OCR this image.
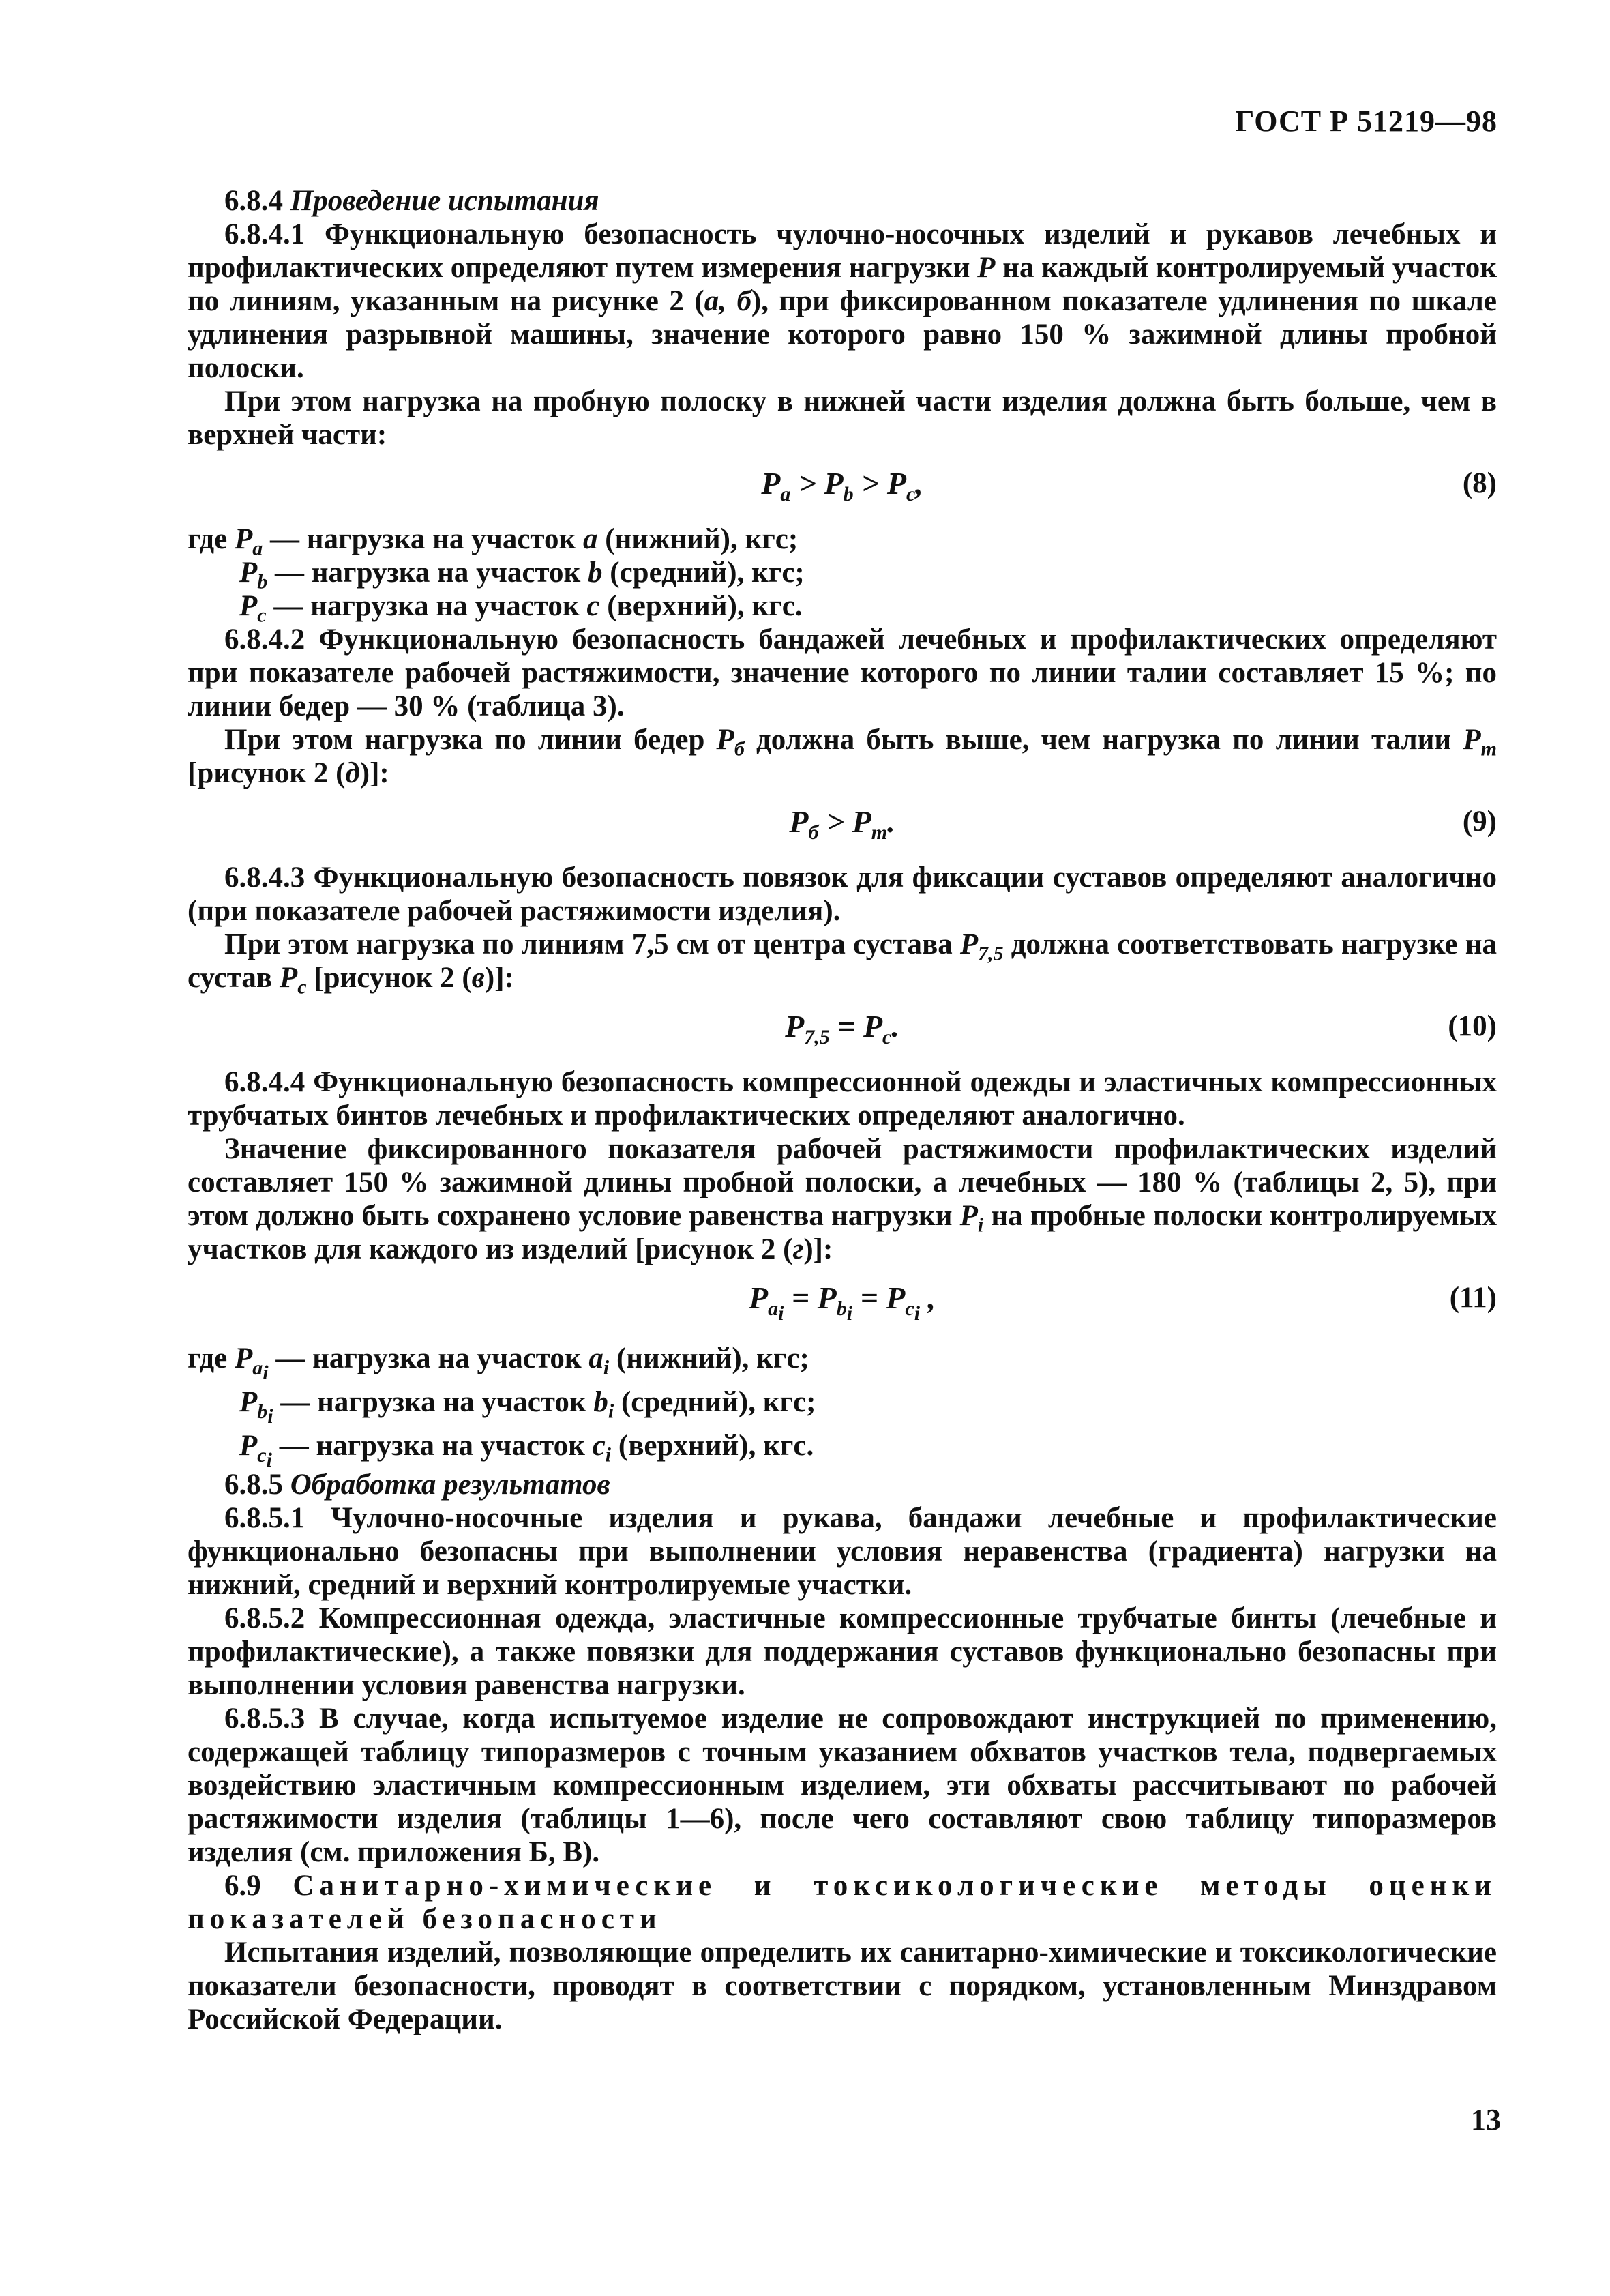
ГОСТ Р 51219—98

6.8.4 Проведение испытания

6.8.4.1 Функциональную безопасность чулочно-носочных изделий и рукавов лечебных и профилактических определяют путем измерения нагрузки P на каждый контролируемый участок по линиям, указанным на рисунке 2 (а, б), при фиксированном показателе удлинения по шкале удлинения разрывной машины, значение которого равно 150 % зажимной длины пробной полоски.

При этом нагрузка на пробную полоску в нижней части изделия должна быть больше, чем в верхней части:

$P_a > P_b > P_c$,	(8)
где $P_a$ — нагрузка на участок a (нижний), кгс;
$P_b$ — нагрузка на участок b (средний), кгс;
$P_c$ — нагрузка на участок c (верхний), кгс.

6.8.4.2 Функциональную безопасность бандажей лечебных и профилактических определяют при показателе рабочей растяжимости, значение которого по линии талии составляет 15 %; по линии бедер — 30 % (таблица 3).

При этом нагрузка по линии бедер $P_б$ должна быть выше, чем нагрузка по линии талии $P_т$ [рисунок 2 (д)]:

$P_б > P_т$.	(9)

6.8.4.3 Функциональную безопасность повязок для фиксации суставов определяют аналогично (при показателе рабочей растяжимости изделия).

При этом нагрузка по линиям 7,5 см от центра сустава $P_{7,5}$ должна соответствовать нагрузке на сустав $P_с$ [рисунок 2 (в)]:

$P_{7,5} = P_с$.	(10)

6.8.4.4 Функциональную безопасность компрессионной одежды и эластичных компрессионных трубчатых бинтов лечебных и профилактических определяют аналогично.

Значение фиксированного показателя рабочей растяжимости профилактических изделий составляет 150 % зажимной длины пробной полоски, а лечебных — 180 % (таблицы 2, 5), при этом должно быть сохранено условие равенства нагрузки $P_i$ на пробные полоски контролируемых участков для каждого из изделий [рисунок 2 (г)]:

$P_{a_i} = P_{b_i} = P_{c_i}$ ,	(11)
где $P_{a_i}$ — нагрузка на участок $a_i$ (нижний), кгс;
$P_{b_i}$ — нагрузка на участок $b_i$ (средний), кгс;
$P_{c_i}$ — нагрузка на участок $c_i$ (верхний), кгс.

6.8.5 Обработка результатов

6.8.5.1 Чулочно-носочные изделия и рукава, бандажи лечебные и профилактические функционально безопасны при выполнении условия неравенства (градиента) нагрузки на нижний, средний и верхний контролируемые участки.

6.8.5.2 Компрессионная одежда, эластичные компрессионные трубчатые бинты (лечебные и профилактические), а также повязки для поддержания суставов функционально безопасны при выполнении условия равенства нагрузки.

6.8.5.3 В случае, когда испытуемое изделие не сопровождают инструкцией по применению, содержащей таблицу типоразмеров с точным указанием обхватов участков тела, подвергаемых воздействию эластичным компрессионным изделием, эти обхваты рассчитывают по рабочей растяжимости изделия (таблицы 1—6), после чего составляют свою таблицу типоразмеров изделия (см. приложения Б, В).

6.9 Санитарно-химические и токсикологические методы оценки показателей безопасности

Испытания изделий, позволяющие определить их санитарно-химические и токсикологические показатели безопасности, проводят в соответствии с порядком, установленным Минздравом Российской Федерации.

13
